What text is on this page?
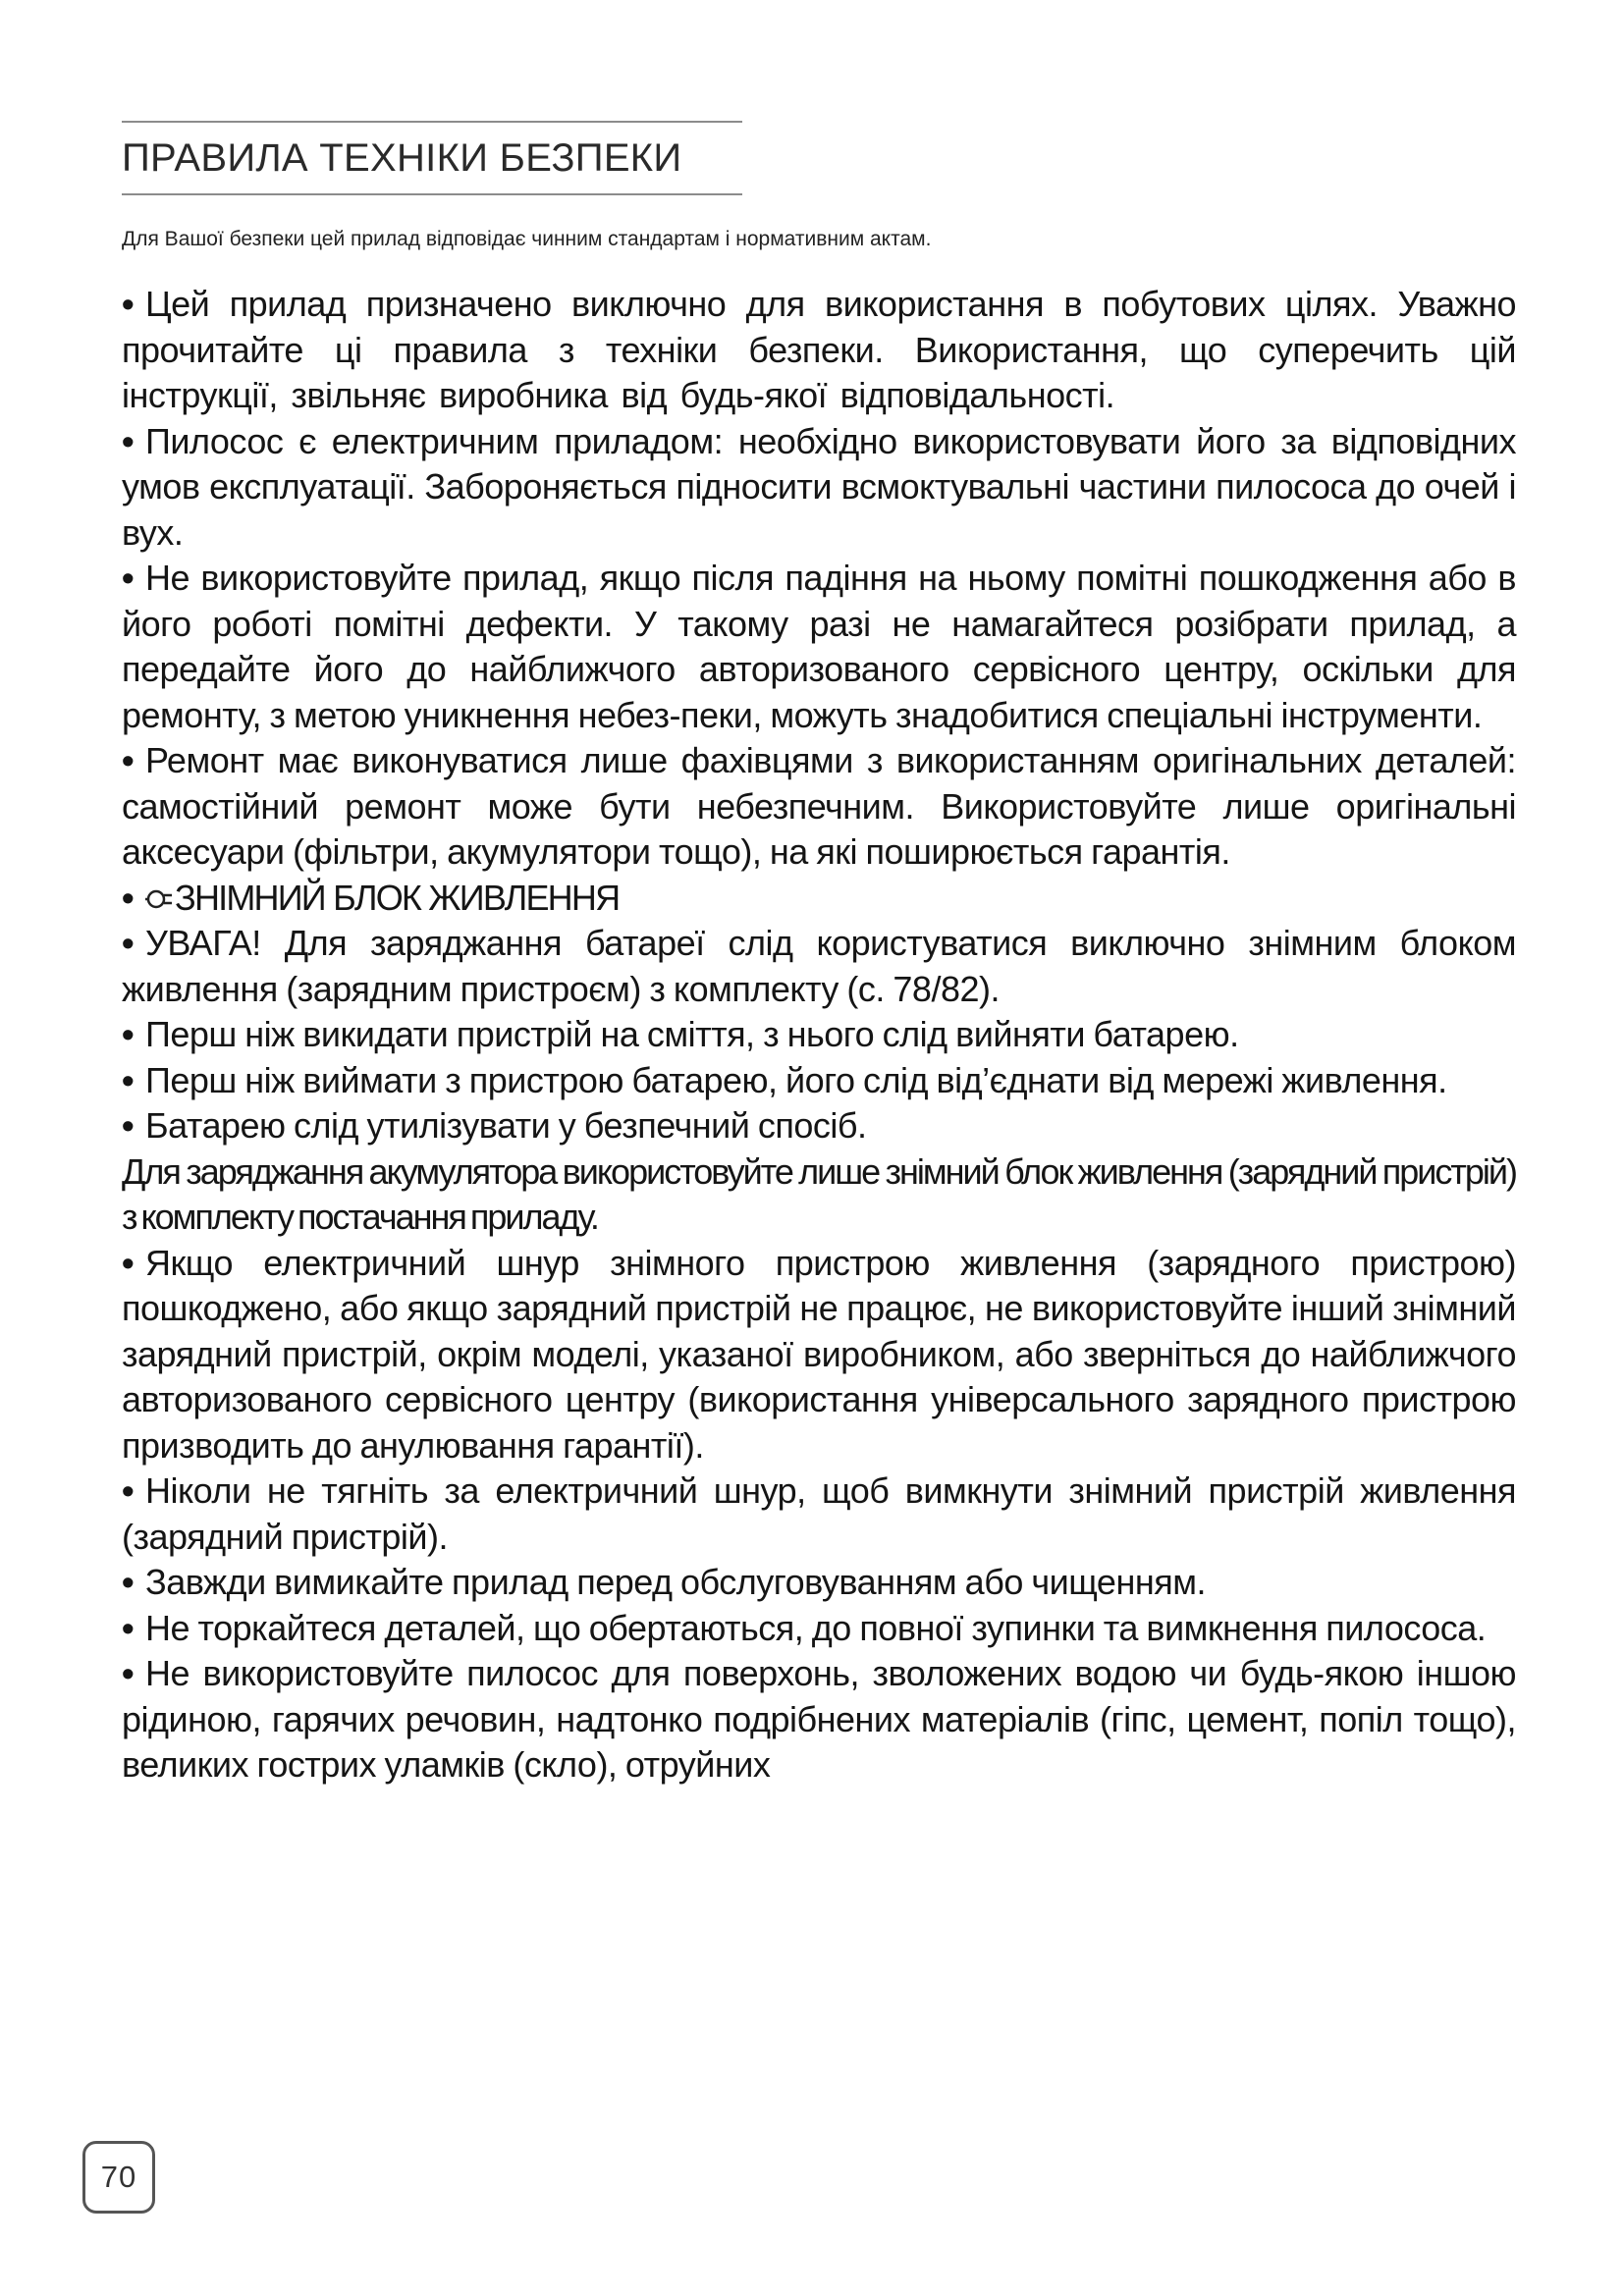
ПРАВИЛА ТЕХНІКИ БЕЗПЕКИ

Для Вашої безпеки цей прилад відповідає чинним стандартам і нормативним актам.

• Цей прилад призначено виключно для використання в побутових цілях. Уважно прочитайте ці правила з техніки безпеки. Використання, що суперечить цій інструкції, звільняє виробника від будь-якої відповідальності.

• Пилосос є електричним приладом: необхідно використовувати його за відповідних умов експлуатації. Забороняється підносити всмоктувальні частини пилососа до очей і вух.

• Не використовуйте прилад, якщо після падіння на ньому помітні пошкодження або в його роботі помітні дефекти. У такому разі не намагайтеся розібрати прилад, а передайте його до найближчого авторизованого сервісного центру, оскільки для ремонту, з метою уникнення небез-пеки, можуть знадобитися спеціальні інструменти.

• Ремонт має виконуватися лише фахівцями з використанням оригінальних деталей: самостійний ремонт може бути небезпечним. Використовуйте лише оригінальні аксесуари (фільтри, акумулятори тощо), на які поширюється гарантія.

• ЗНІМНИЙ БЛОК ЖИВЛЕННЯ

• УВАГА! Для заряджання батареї слід користуватися виключно знімним блоком живлення (зарядним пристроєм) з комплекту (с. 78/82).

• Перш ніж викидати пристрій на сміття, з нього слід вийняти батарею.

• Перш ніж виймати з пристрою батарею, його слід від’єднати від мережі живлення.

• Батарею слід утилізувати у безпечний спосіб.

Для заряджання акумулятора використовуйте лише знімний блок живлення (зарядний пристрій) з комплекту постачання приладу.

• Якщо електричний шнур знімного пристрою живлення (зарядного пристрою) пошкоджено, або якщо зарядний пристрій не працює, не використовуйте інший знімний зарядний пристрій, окрім моделі, указаної виробником, або зверніться до найближчого авторизованого сервісного центру (використання універсального зарядного пристрою призводить до анулювання гарантії).

• Ніколи не тягніть за електричний шнур, щоб вимкнути знімний пристрій живлення (зарядний пристрій).

• Завжди вимикайте прилад перед обслуговуванням або чищенням.

• Не торкайтеся деталей, що обертаються, до повної зупинки та вимкнення пилососа.

• Не використовуйте пилосос для поверхонь, зволожених водою чи будь-якою іншою рідиною, гарячих речовин, надтонко подрібнених матеріалів (гіпс, цемент, попіл тощо), великих гострих уламків (скло), отруйних

70
